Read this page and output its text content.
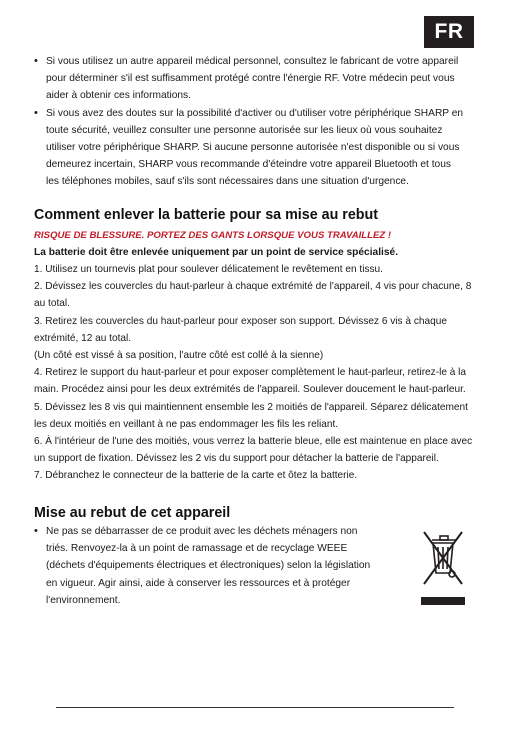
FR
• Si vous utilisez un autre appareil médical personnel, consultez le fabricant de votre appareil pour déterminer s'il est suffisamment protégé contre l'énergie RF. Votre médecin peut vous aider à obtenir ces informations.
• Si vous avez des doutes sur la possibilité d'activer ou d'utiliser votre périphérique SHARP en toute sécurité, veuillez consulter une personne autorisée sur les lieux où vous souhaitez utiliser votre périphérique SHARP. Si aucune personne autorisée n'est disponible ou si vous demeurez incertain, SHARP vous recommande d'éteindre votre appareil Bluetooth et tous les téléphones mobiles, sauf s'ils sont nécessaires dans une situation d'urgence.
Comment enlever la batterie pour sa mise au rebut
RISQUE DE BLESSURE. PORTEZ DES GANTS LORSQUE VOUS TRAVAILLEZ !
La batterie doit être enlevée uniquement par un point de service spécialisé.

1. Utilisez un tournevis plat pour soulever délicatement le revêtement en tissu.

2. Dévissez les couvercles du haut-parleur à chaque extrémité de l'appareil, 4 vis pour chacune, 8 au total.

3. Retirez les couvercles du haut-parleur pour exposer son support. Dévissez 6 vis à chaque extrémité, 12 au total.

(Un côté est vissé à sa position, l'autre côté est collé à la sienne)

4. Retirez le support du haut-parleur et pour exposer complètement le haut-parleur, retirez-le à la main. Procédez ainsi pour les deux extrémités de l'appareil. Soulever doucement le haut-parleur.

5. Dévissez les 8 vis qui maintiennent ensemble les 2 moitiés de l'appareil. Séparez délicatement les deux moitiés en veillant à ne pas endommager les fils les reliant.

6. À l'intérieur de l'une des moitiés, vous verrez la batterie bleue, elle est maintenue en place avec un support de fixation. Dévissez les 2 vis du support pour détacher la batterie de l'appareil.

7. Débranchez le connecteur de la batterie de la carte et ôtez la batterie.

Mise au rebut de cet appareil
• Ne pas se débarrasser de ce produit avec les déchets ménagers non triés. Renvoyez-la à un point de ramassage et de recyclage WEEE (déchets d'équipements électriques et électroniques) selon la législation en vigueur. Agir ainsi, aide à conserver les ressources et à protéger l'environnement.
